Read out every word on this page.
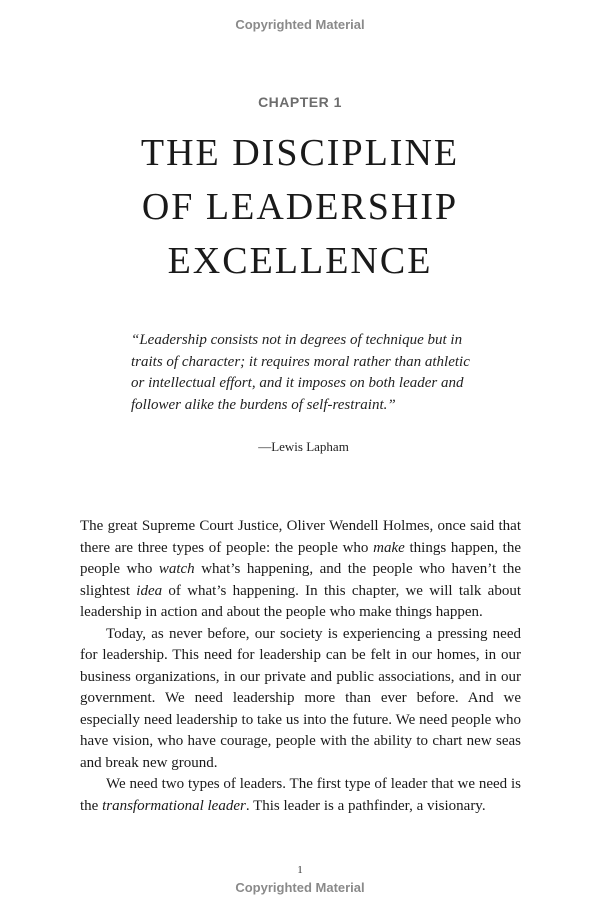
Copyrighted Material
CHAPTER 1
THE DISCIPLINE
OF LEADERSHIP
EXCELLENCE
“Leadership consists not in degrees of technique but in traits of character; it requires moral rather than athletic or intellectual effort, and it imposes on both leader and follower alike the burdens of self-restraint.”
—Lewis Lapham

The great Supreme Court Justice, Oliver Wendell Holmes, once said that there are three types of people: the people who make things happen, the people who watch what’s happening, and the people who haven’t the slightest idea of what’s happening. In this chapter, we will talk about leadership in action and about the people who make things happen.

Today, as never before, our society is experiencing a pressing need for leadership. This need for leadership can be felt in our homes, in our business organizations, in our private and public associations, and in our government. We need leadership more than ever before. And we especially need leadership to take us into the future. We need people who have vision, who have courage, people with the ability to chart new seas and break new ground.

We need two types of leaders. The first type of leader that we need is the transformational leader. This leader is a pathfinder, a visionary.

1
Copyrighted Material
